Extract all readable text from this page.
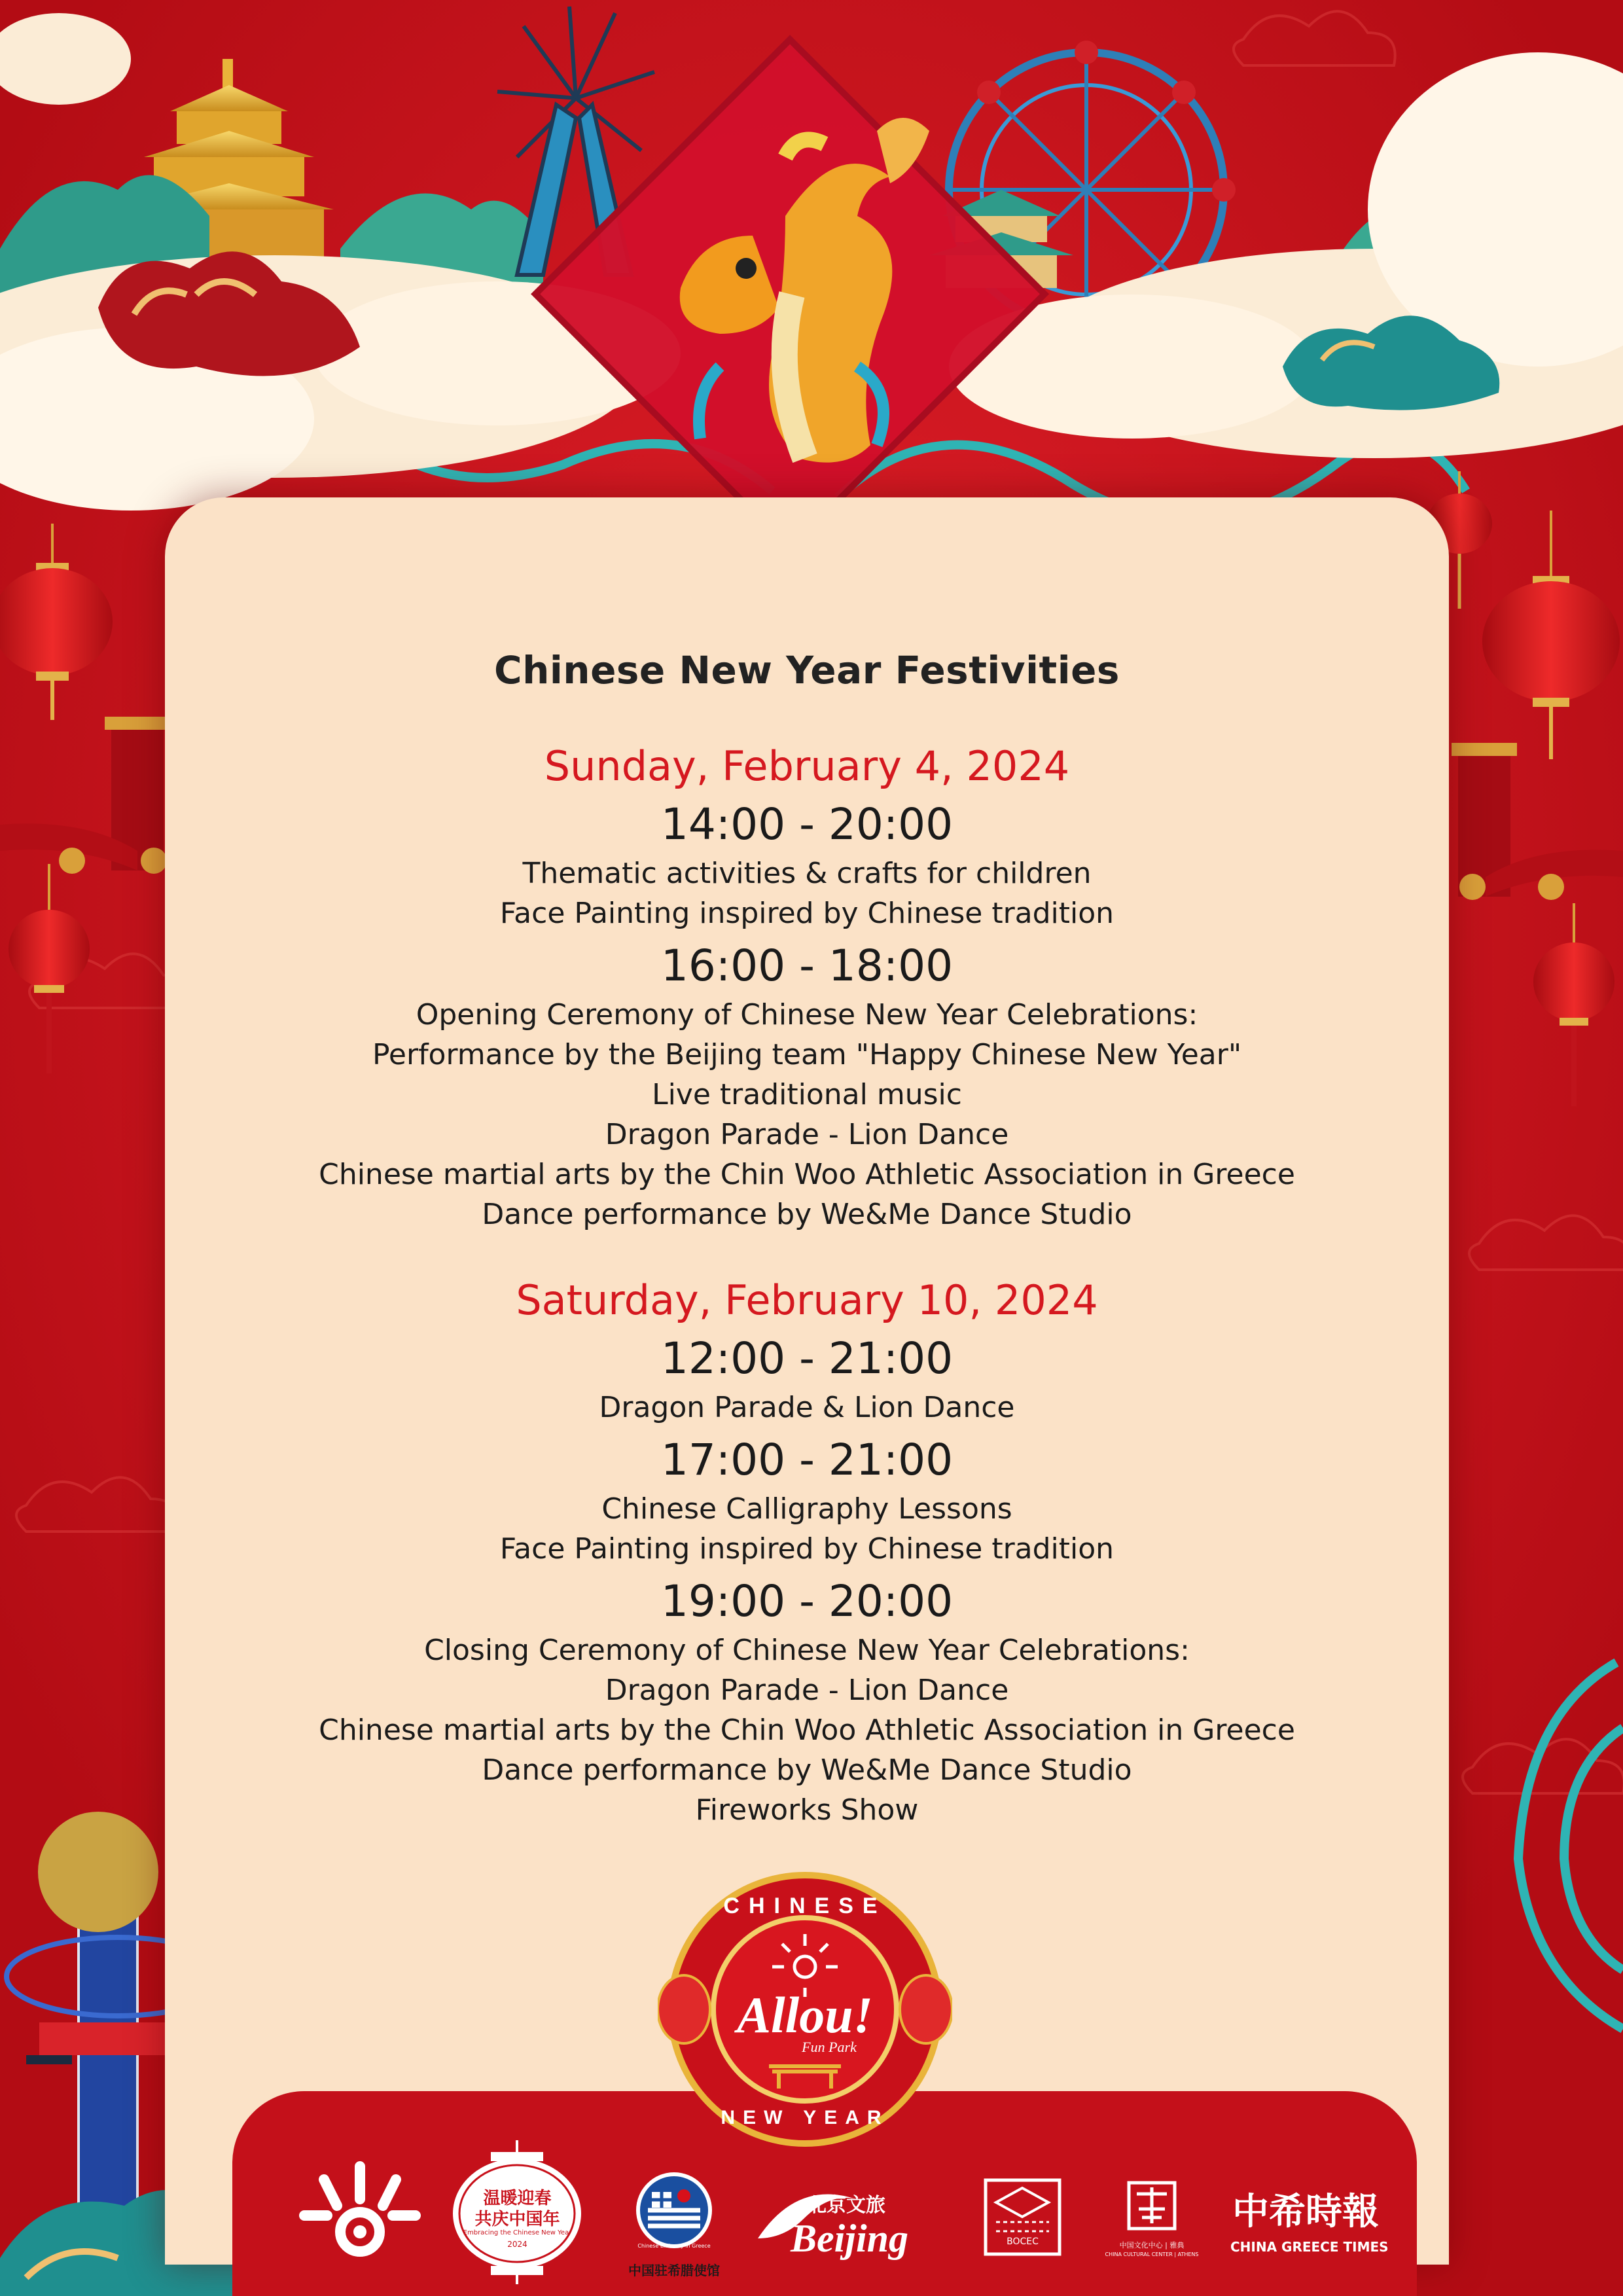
Chinese New Year Festivities

Sunday, February 4, 2024

14:00 - 20:00

Thematic activities & crafts for children

Face Painting inspired by Chinese tradition

16:00 - 18:00

Opening Ceremony of Chinese New Year Celebrations:

Performance by the Beijing team "Happy Chinese New Year"

Live traditional music

Dragon Parade - Lion Dance

Chinese martial arts by the Chin Woo Athletic Association in Greece

Dance performance by We&Me Dance Studio

Saturday, February 10, 2024

12:00 - 21:00

Dragon Parade & Lion Dance

17:00 - 21:00

Chinese Calligraphy Lessons

Face Painting inspired by Chinese tradition

19:00 - 20:00

Closing Ceremony of Chinese New Year Celebrations:

Dragon Parade - Lion Dance

Chinese martial arts by the Chin Woo Athletic Association in Greece

Dance performance by We&Me Dance Studio

Fireworks Show

CHINESE
NEW YEAR
Allou!
Fun Park
温暖迎春
共庆中国年
Embracing the Chinese New Year
2024	Chinese Embassy in Greece
中国驻希腊使馆
北京文旅
Beijing	BOCEC	中国文化中心 | 雅典
CHINA CULTURAL CENTER | ATHENS
中希時報
CHINA GREECE TIMES
